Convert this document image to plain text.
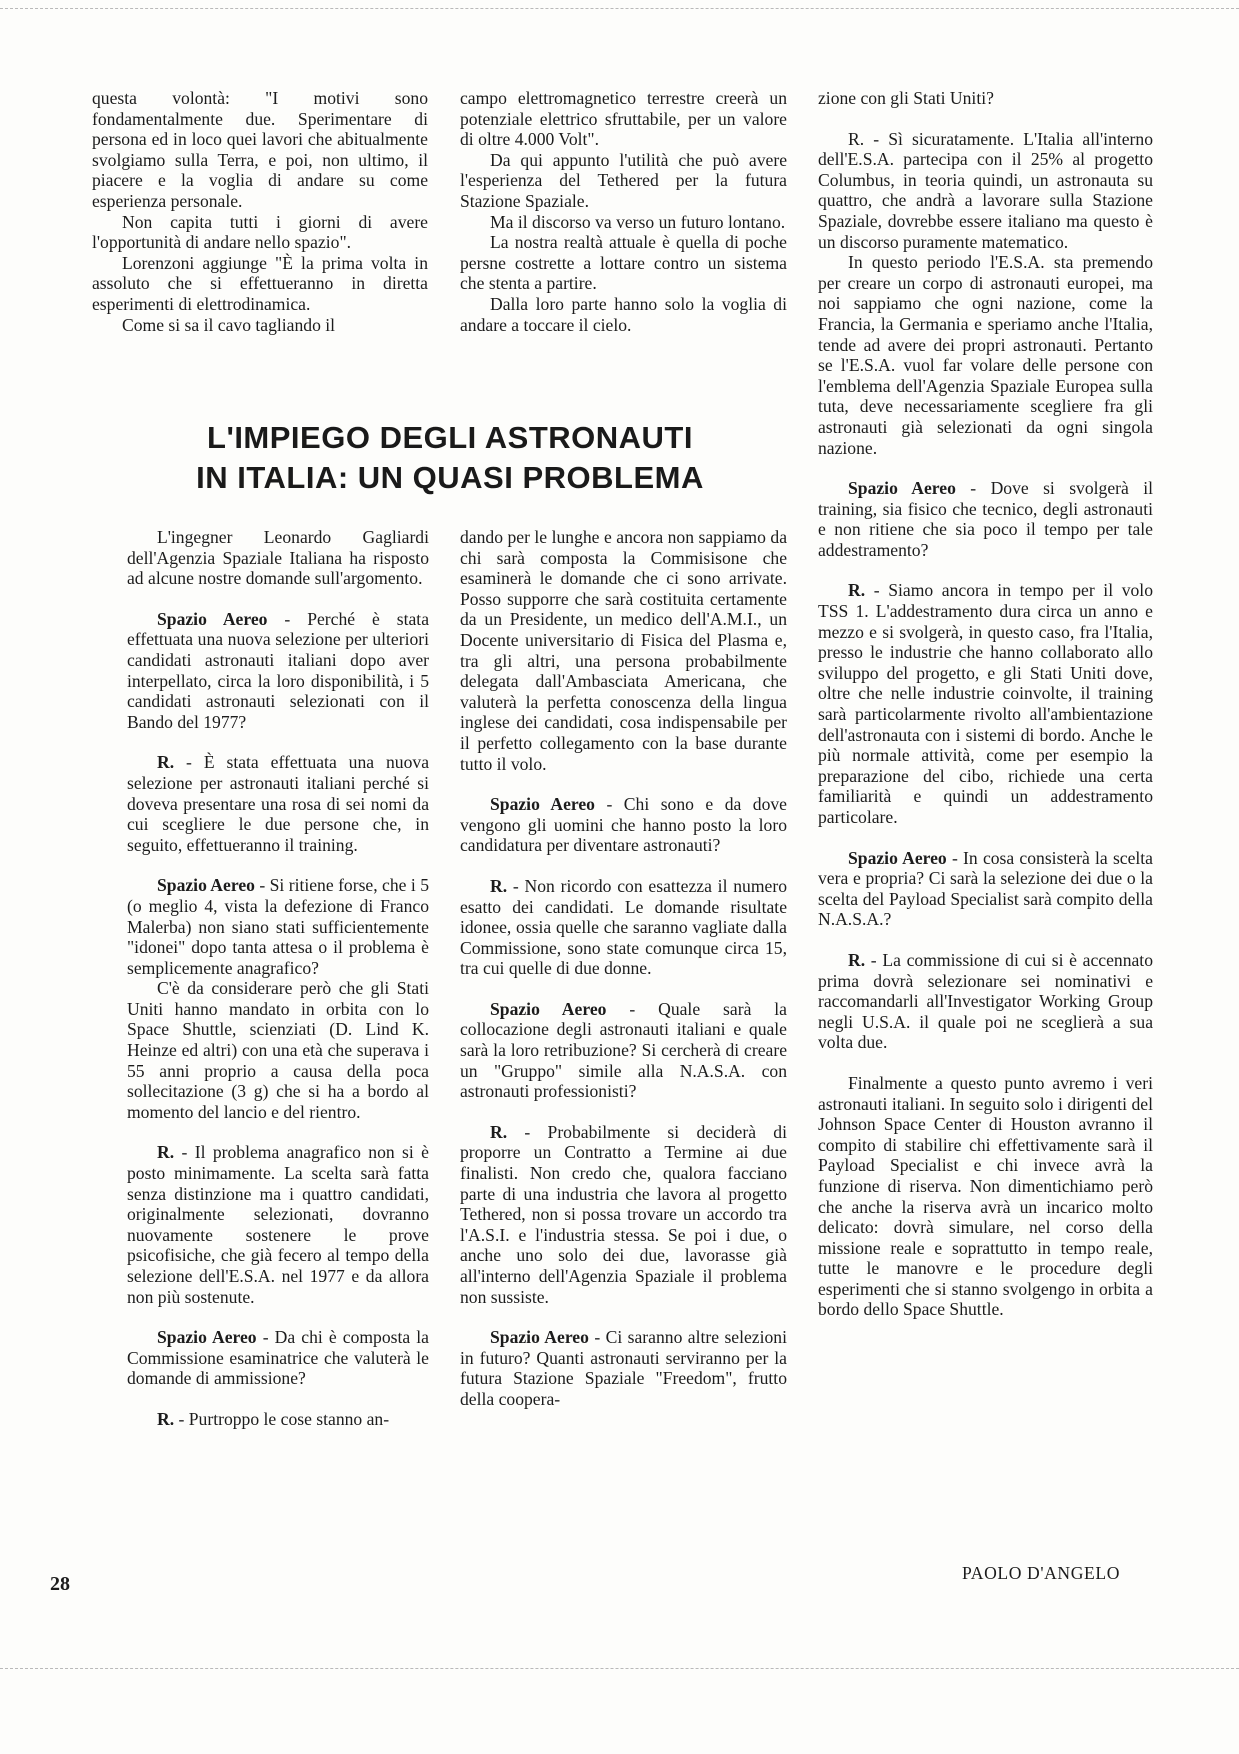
questa volontà: "I motivi sono fondamentalmente due. Sperimentare di persona ed in loco quei lavori che abitualmente svolgiamo sulla Terra, e poi, non ultimo, il piacere e la voglia di andare su come esperienza personale.

Non capita tutti i giorni di avere l'opportunità di andare nello spazio".

Lorenzoni aggiunge "È la prima volta in assoluto che si effettueranno in diretta esperimenti di elettrodinamica.

Come si sa il cavo tagliando il

campo elettromagnetico terrestre creerà un potenziale elettrico sfruttabile, per un valore di oltre 4.000 Volt".

Da qui appunto l'utilità che può avere l'esperienza del Tethered per la futura Stazione Spaziale.

Ma il discorso va verso un futuro lontano.

La nostra realtà attuale è quella di poche persne costrette a lottare contro un sistema che stenta a partire.

Dalla loro parte hanno solo la voglia di andare a toccare il cielo.

L'IMPIEGO DEGLI ASTRONAUTI
IN ITALIA: UN QUASI PROBLEMA

zione con gli Stati Uniti?

R. - Sì sicuratamente. L'Italia all'interno dell'E.S.A. partecipa con il 25% al progetto Columbus, in teoria quindi, un astronauta su quattro, che andrà a lavorare sulla Stazione Spaziale, dovrebbe essere italiano ma questo è un discorso puramente matematico.

In questo periodo l'E.S.A. sta premendo per creare un corpo di astronauti europei, ma noi sappiamo che ogni nazione, come la Francia, la Germania e speriamo anche l'Italia, tende ad avere dei propri astronauti. Pertanto se l'E.S.A. vuol far volare delle persone con l'emblema dell'Agenzia Spaziale Europea sulla tuta, deve necessariamente scegliere fra gli astronauti già selezionati da ogni singola nazione.

Spazio Aereo - Dove si svolgerà il training, sia fisico che tecnico, degli astronauti e non ritiene che sia poco il tempo per tale addestramento?

R. - Siamo ancora in tempo per il volo TSS 1. L'addestramento dura circa un anno e mezzo e si svolgerà, in questo caso, fra l'Italia, presso le industrie che hanno collaborato allo sviluppo del progetto, e gli Stati Uniti dove, oltre che nelle industrie coinvolte, il training sarà particolarmente rivolto all'ambientazione dell'astronauta con i sistemi di bordo. Anche le più normale attività, come per esempio la preparazione del cibo, richiede una certa familiarità e quindi un addestramento particolare.

Spazio Aereo - In cosa consisterà la scelta vera e propria? Ci sarà la selezione dei due o la scelta del Payload Specialist sarà compito della N.A.S.A.?

R. - La commissione di cui si è accennato prima dovrà selezionare sei nominativi e raccomandarli all'Investigator Working Group negli U.S.A. il quale poi ne sceglierà a sua volta due.

Finalmente a questo punto avremo i veri astronauti italiani. In seguito solo i dirigenti del Johnson Space Center di Houston avranno il compito di stabilire chi effettivamente sarà il Payload Specialist e chi invece avrà la funzione di riserva. Non dimentichiamo però che anche la riserva avrà un incarico molto delicato: dovrà simulare, nel corso della missione reale e soprattutto in tempo reale, tutte le manovre e le procedure degli esperimenti che si stanno svolgengo in orbita a bordo dello Space Shuttle.

L'ingegner Leonardo Gagliardi dell'Agenzia Spaziale Italiana ha risposto ad alcune nostre domande sull'argomento.

Spazio Aereo - Perché è stata effettuata una nuova selezione per ulteriori candidati astronauti italiani dopo aver interpellato, circa la loro disponibilità, i 5 candidati astronauti selezionati con il Bando del 1977?

R. - È stata effettuata una nuova selezione per astronauti italiani perché si doveva presentare una rosa di sei nomi da cui scegliere le due persone che, in seguito, effettueranno il training.

Spazio Aereo - Si ritiene forse, che i 5 (o meglio 4, vista la defezione di Franco Malerba) non siano stati sufficientemente "idonei" dopo tanta attesa o il problema è semplicemente anagrafico?

C'è da considerare però che gli Stati Uniti hanno mandato in orbita con lo Space Shuttle, scienziati (D. Lind K. Heinze ed altri) con una età che superava i 55 anni proprio a causa della poca sollecitazione (3 g) che si ha a bordo al momento del lancio e del rientro.

R. - Il problema anagrafico non si è posto minimamente. La scelta sarà fatta senza distinzione ma i quattro candidati, originalmente selezionati, dovranno nuovamente sostenere le prove psicofisiche, che già fecero al tempo della selezione dell'E.S.A. nel 1977 e da allora non più sostenute.

Spazio Aereo - Da chi è composta la Commissione esaminatrice che valuterà le domande di ammissione?

R. - Purtroppo le cose stanno an-

dando per le lunghe e ancora non sappiamo da chi sarà composta la Commisisone che esaminerà le domande che ci sono arrivate. Posso supporre che sarà costituita certamente da un Presidente, un medico dell'A.M.I., un Docente universitario di Fisica del Plasma e, tra gli altri, una persona probabilmente delegata dall'Ambasciata Americana, che valuterà la perfetta conoscenza della lingua inglese dei candidati, cosa indispensabile per il perfetto collegamento con la base durante tutto il volo.

Spazio Aereo - Chi sono e da dove vengono gli uomini che hanno posto la loro candidatura per diventare astronauti?

R. - Non ricordo con esattezza il numero esatto dei candidati. Le domande risultate idonee, ossia quelle che saranno vagliate dalla Commissione, sono state comunque circa 15, tra cui quelle di due donne.

Spazio Aereo - Quale sarà la collocazione degli astronauti italiani e quale sarà la loro retribuzione? Si cercherà di creare un "Gruppo" simile alla N.A.S.A. con astronauti professionisti?

R. - Probabilmente si deciderà di proporre un Contratto a Termine ai due finalisti. Non credo che, qualora facciano parte di una industria che lavora al progetto Tethered, non si possa trovare un accordo tra l'A.S.I. e l'industria stessa. Se poi i due, o anche uno solo dei due, lavorasse già all'interno dell'Agenzia Spaziale il problema non sussiste.

Spazio Aereo - Ci saranno altre selezioni in futuro? Quanti astronauti serviranno per la futura Stazione Spaziale "Freedom", frutto della coopera-

28	PAOLO D'ANGELO
